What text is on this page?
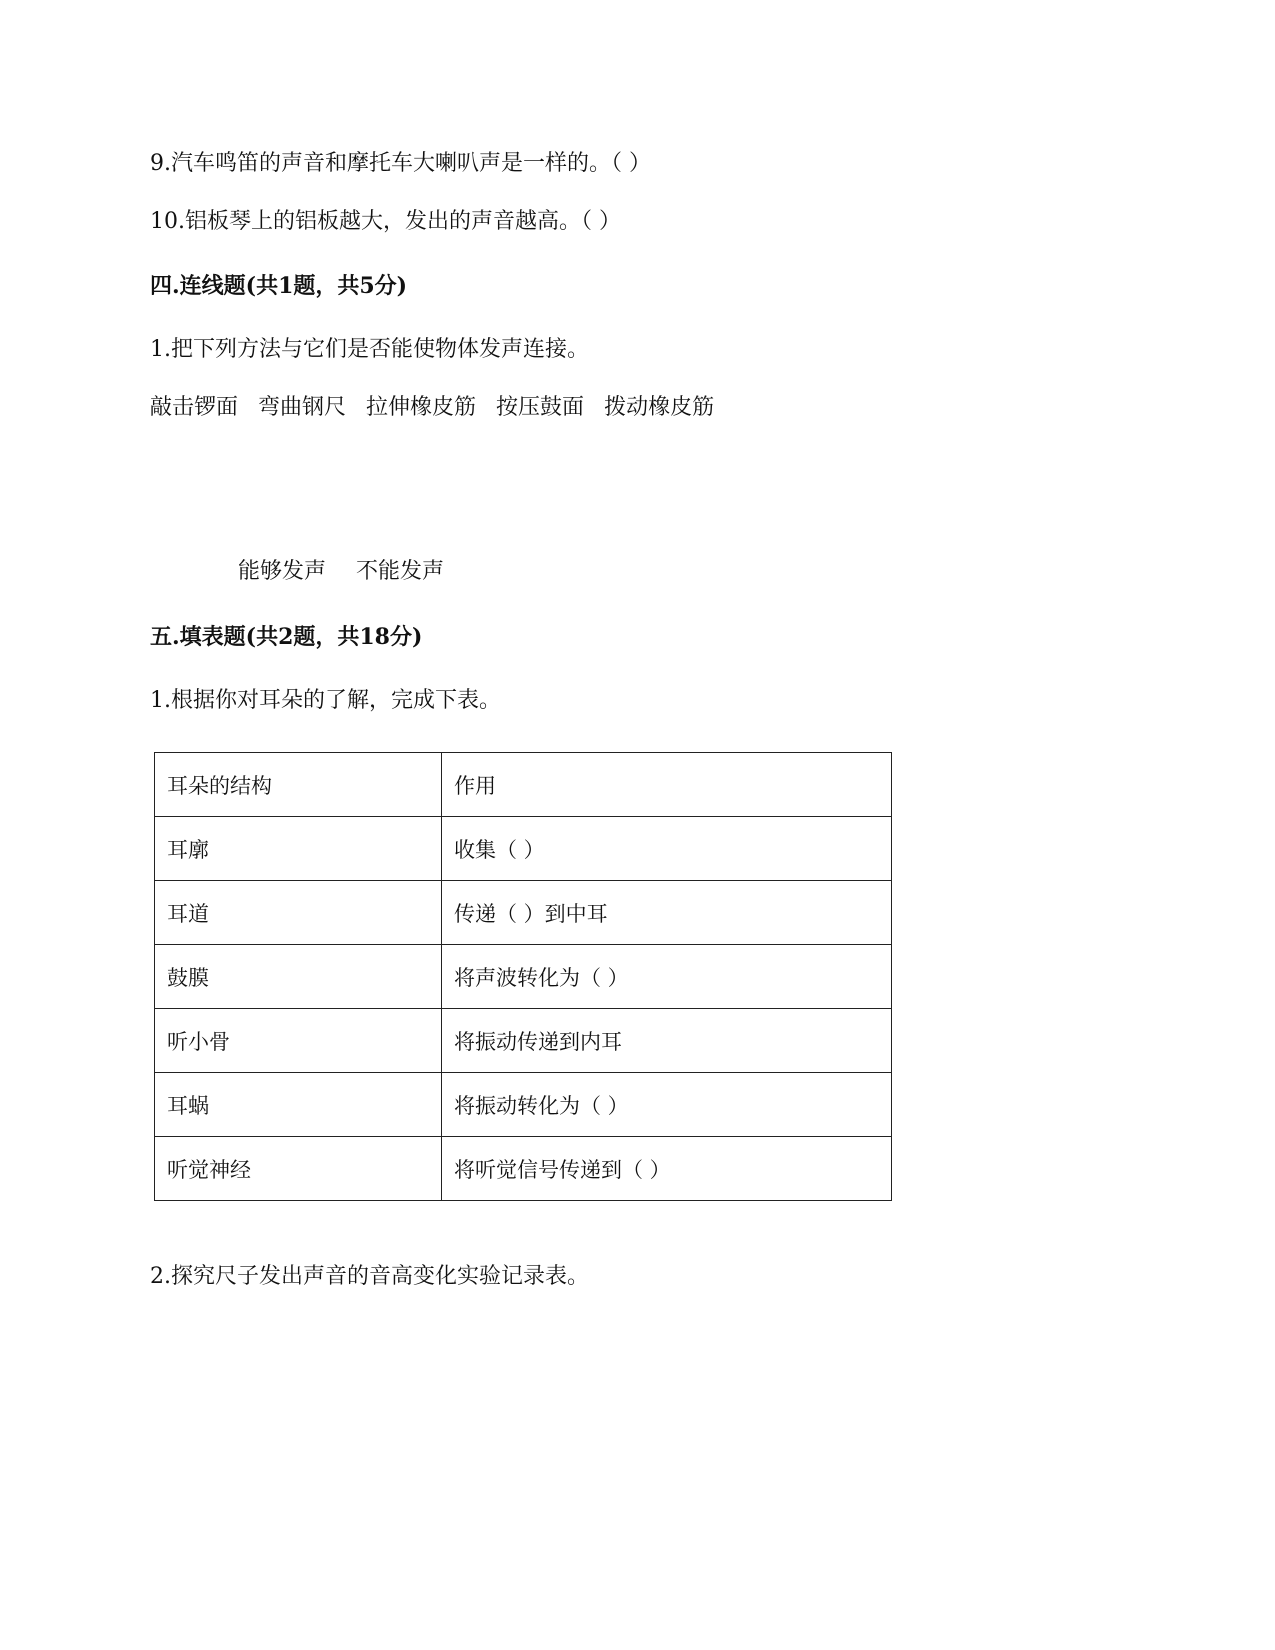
9.汽车鸣笛的声音和摩托车大喇叭声是一样的。（ ）
10.铝板琴上的铝板越大，发出的声音越高。（ ）
四.连线题(共1题，共5分)
1.把下列方法与它们是否能使物体发声连接。
敲击锣面 弯曲钢尺 拉伸橡皮筋 按压鼓面 拨动橡皮筋
能够发声 不能发声
五.填表题(共2题，共18分)
1.根据你对耳朵的了解，完成下表。
耳朵的结构	作用
耳廓	收集（ ）
耳道	传递（ ）到中耳
鼓膜	将声波转化为（ ）
听小骨	将振动传递到内耳
耳蜗	将振动转化为（ ）
听觉神经	将听觉信号传递到（ ）
2.探究尺子发出声音的音高变化实验记录表。
